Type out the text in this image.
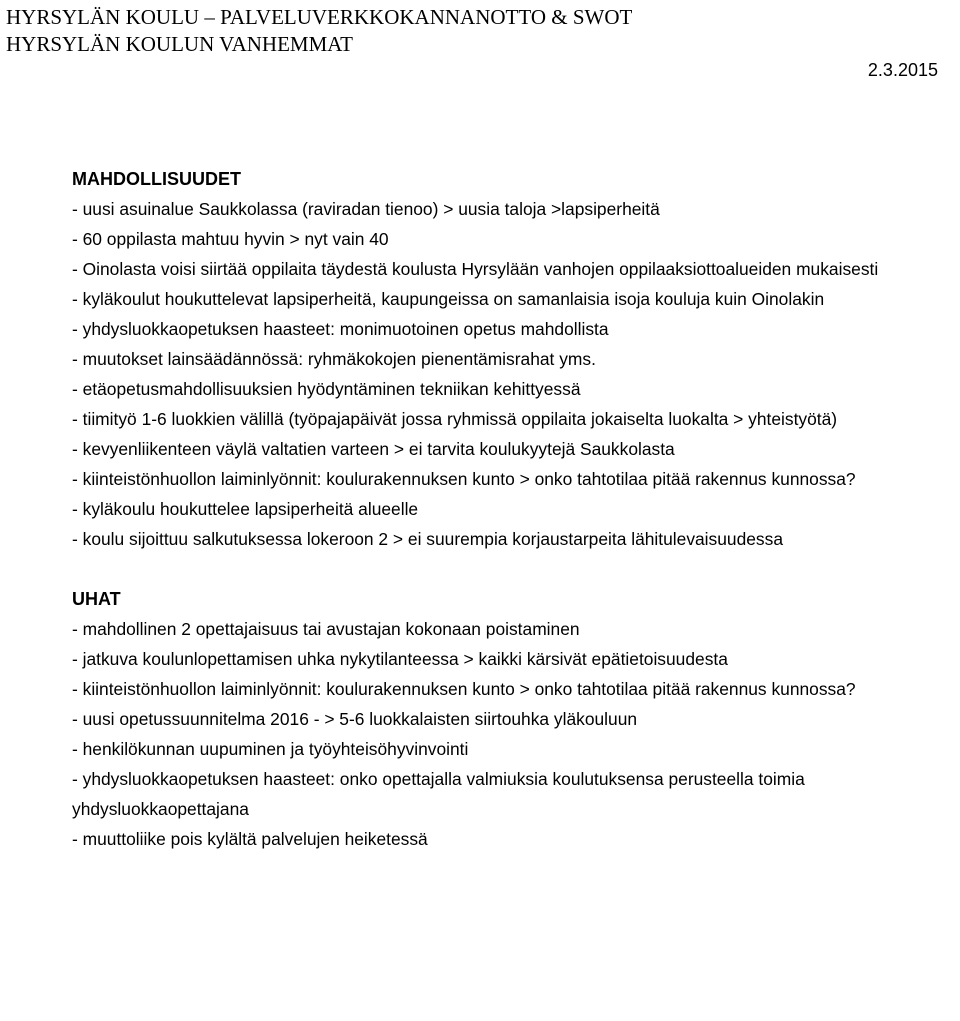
HYRSYLÄN KOULU – PALVELUVERKKOKANNANOTTO & SWOT
HYRSYLÄN KOULUN VANHEMMAT
2.3.2015
MAHDOLLISUUDET
- uusi asuinalue Saukkolassa (raviradan tienoo) > uusia taloja >lapsiperheitä
- 60 oppilasta mahtuu hyvin > nyt vain 40
- Oinolasta voisi siirtää oppilaita täydestä koulusta Hyrsylään vanhojen oppilaaksiottoalueiden mukaisesti
- kyläkoulut houkuttelevat lapsiperheitä, kaupungeissa on samanlaisia isoja kouluja kuin Oinolakin
- yhdysluokkaopetuksen haasteet: monimuotoinen opetus mahdollista
- muutokset lainsäädännössä: ryhmäkokojen pienentämisrahat yms.
- etäopetusmahdollisuuksien hyödyntäminen tekniikan kehittyessä
- tiimityö 1-6 luokkien välillä (työpajapäivät jossa ryhmissä oppilaita jokaiselta luokalta > yhteistyötä)
- kevyenliikenteen väylä valtatien varteen > ei tarvita koulukyytejä Saukkolasta
- kiinteistönhuollon laiminlyönnit: koulurakennuksen kunto > onko tahtotilaa pitää rakennus kunnossa?
- kyläkoulu houkuttelee lapsiperheitä alueelle
- koulu sijoittuu salkutuksessa lokeroon 2 > ei suurempia korjaustarpeita lähitulevaisuudessa
UHAT
- mahdollinen 2 opettajaisuus tai avustajan kokonaan poistaminen
- jatkuva koulunlopettamisen uhka nykytilanteessa > kaikki kärsivät epätietoisuudesta
- kiinteistönhuollon laiminlyönnit: koulurakennuksen kunto > onko tahtotilaa pitää rakennus kunnossa?
- uusi opetussuunnitelma 2016 - > 5-6 luokkalaisten siirtouhka yläkouluun
- henkilökunnan uupuminen ja työyhteisöhyvinvointi
- yhdysluokkaopetuksen haasteet: onko opettajalla valmiuksia koulutuksensa perusteella toimia yhdysluokkaopettajana
- muuttoliike pois kylältä palvelujen heiketessä
